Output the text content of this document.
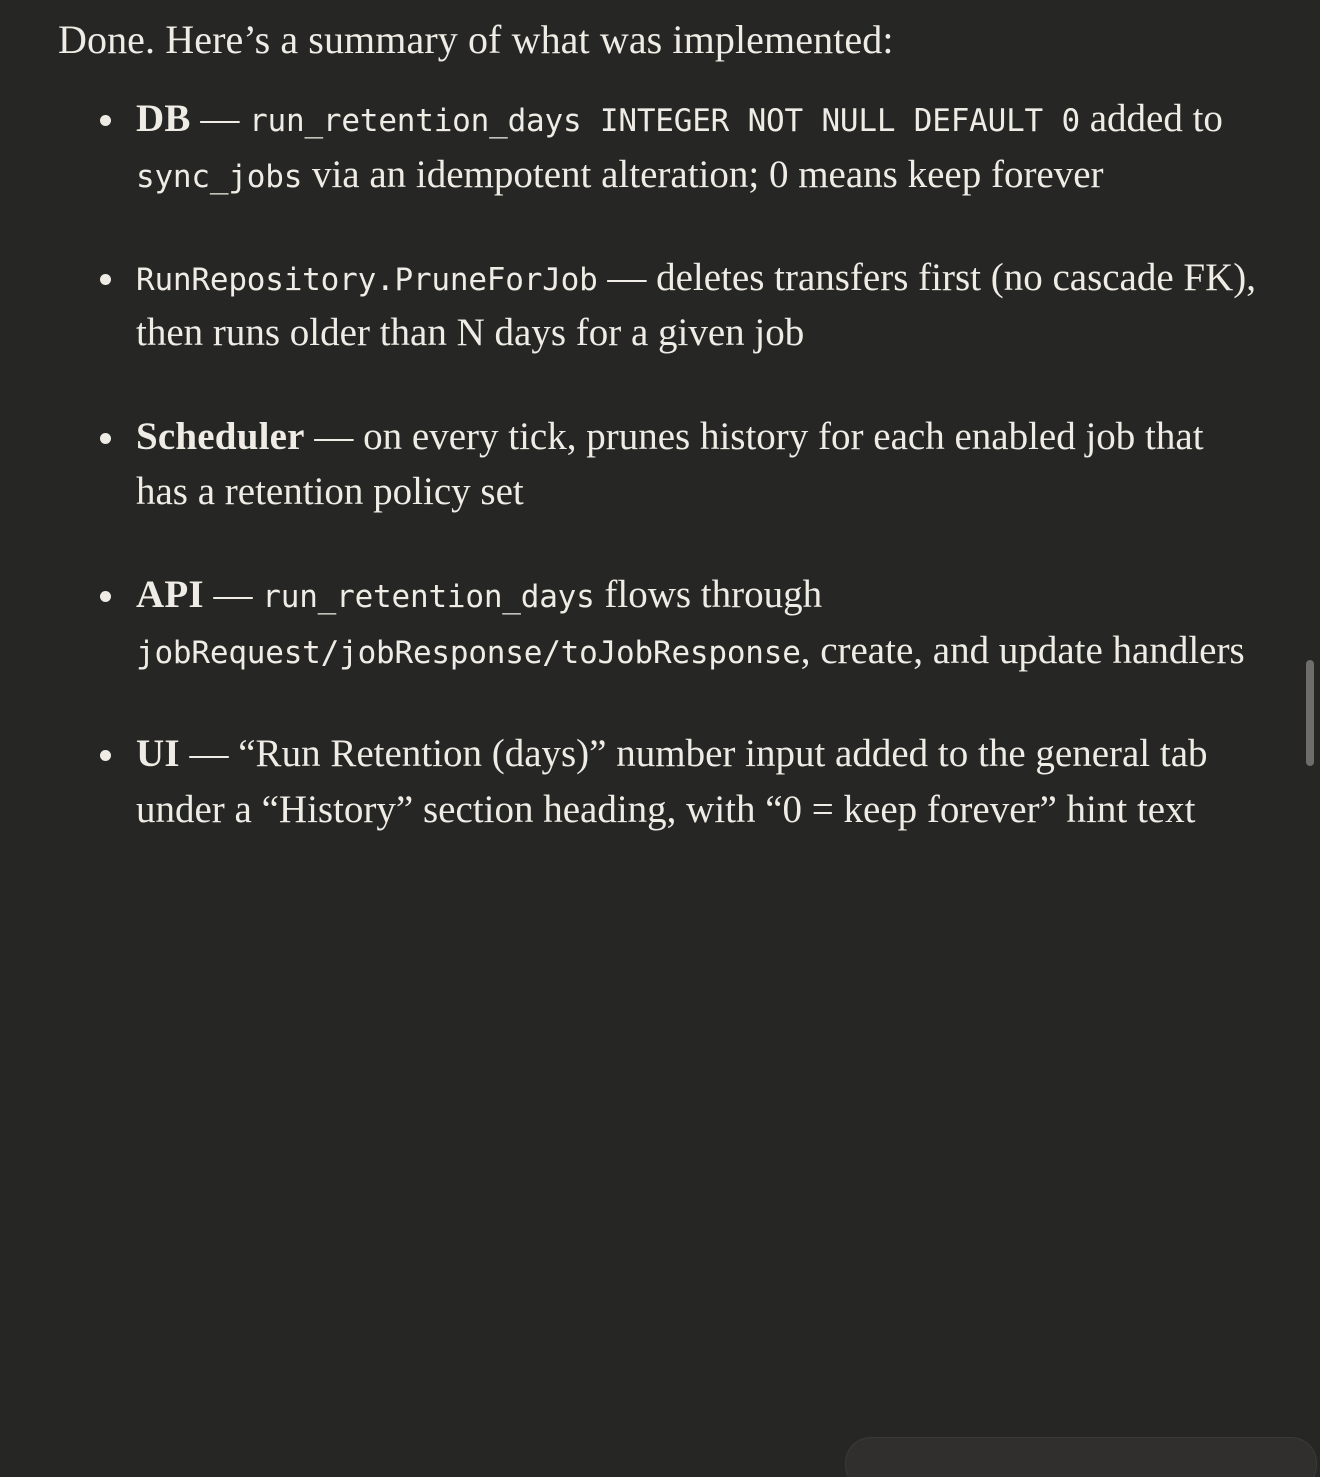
Done. Here’s a summary of what was implemented:

DB — run_retention_days INTEGER NOT NULL DEFAULT 0 added to sync_jobs via an idempotent alteration; 0 means keep forever
RunRepository.PruneForJob — deletes transfers first (no cascade FK), then runs older than N days for a given job
Scheduler — on every tick, prunes history for each enabled job that has a retention policy set
API — run_retention_days flows through jobRequest/jobResponse/toJobResponse, create, and update handlers
UI — “Run Retention (days)” number input added to the general tab under a “History” section heading, with “0 = keep forever” hint text
